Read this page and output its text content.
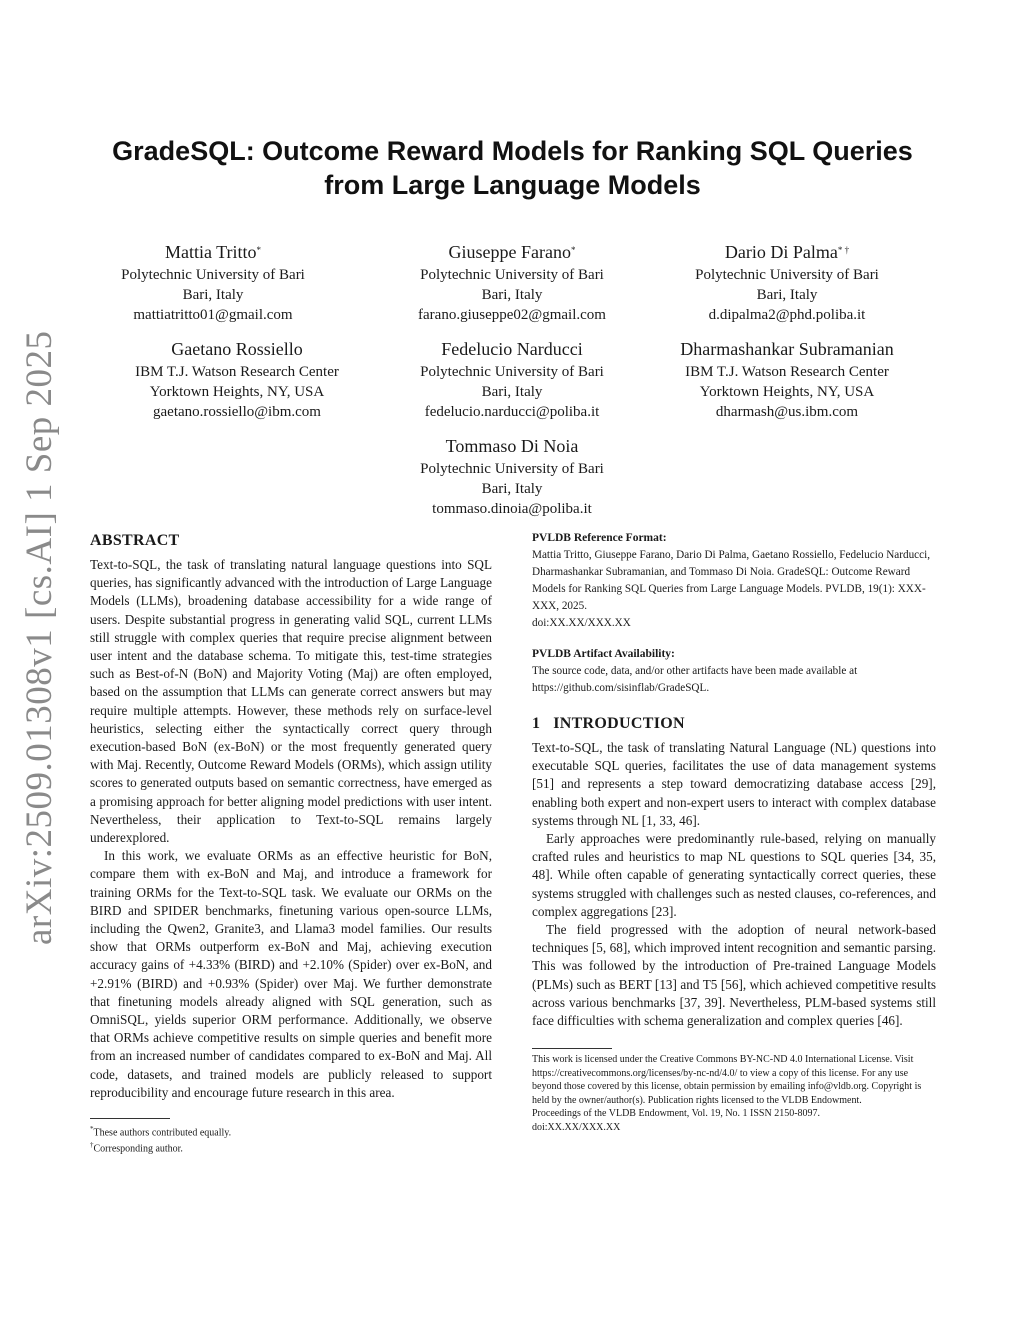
arXiv:2509.01308v1 [cs.AI] 1 Sep 2025
GradeSQL: Outcome Reward Models for Ranking SQL Queries
from Large Language Models
Mattia Tritto*
Polytechnic University of Bari
Bari, Italy
mattiatritto01@gmail.com
Giuseppe Farano*
Polytechnic University of Bari
Bari, Italy
farano.giuseppe02@gmail.com
Dario Di Palma* †
Polytechnic University of Bari
Bari, Italy
d.dipalma2@phd.poliba.it
Gaetano Rossiello
IBM T.J. Watson Research Center
Yorktown Heights, NY, USA
gaetano.rossiello@ibm.com
Fedelucio Narducci
Polytechnic University of Bari
Bari, Italy
fedelucio.narducci@poliba.it
Dharmashankar Subramanian
IBM T.J. Watson Research Center
Yorktown Heights, NY, USA
dharmash@us.ibm.com
Tommaso Di Noia
Polytechnic University of Bari
Bari, Italy
tommaso.dinoia@poliba.it
ABSTRACT

Text-to-SQL, the task of translating natural language questions into SQL queries, has significantly advanced with the introduction of Large Language Models (LLMs), broadening database accessibility for a wide range of users. Despite substantial progress in generating valid SQL, current LLMs still struggle with complex queries that require precise alignment between user intent and the database schema. To mitigate this, test-time strategies such as Best-of-N (BoN) and Majority Voting (Maj) are often employed, based on the assumption that LLMs can generate correct answers but may require multiple attempts. However, these methods rely on surface-level heuristics, selecting either the syntactically correct query through execution-based BoN (ex-BoN) or the most frequently generated query with Maj. Recently, Outcome Reward Models (ORMs), which assign utility scores to generated outputs based on semantic correctness, have emerged as a promising approach for better aligning model predictions with user intent. Nevertheless, their application to Text-to-SQL remains largely underexplored.

In this work, we evaluate ORMs as an effective heuristic for BoN, compare them with ex-BoN and Maj, and introduce a framework for training ORMs for the Text-to-SQL task. We evaluate our ORMs on the BIRD and SPIDER benchmarks, finetuning various open-source LLMs, including the Qwen2, Granite3, and Llama3 model families. Our results show that ORMs outperform ex-BoN and Maj, achieving execution accuracy gains of +4.33% (BIRD) and +2.10% (Spider) over ex-BoN, and +2.91% (BIRD) and +0.93% (Spider) over Maj. We further demonstrate that finetuning models already aligned with SQL generation, such as OmniSQL, yields superior ORM performance. Additionally, we observe that ORMs achieve competitive results on simple queries and benefit more from an increased number of candidates compared to ex-BoN and Maj. All code, datasets, and trained models are publicly released to support reproducibility and encourage future research in this area.

*These authors contributed equally.

†Corresponding author.

PVLDB Reference Format:

Mattia Tritto, Giuseppe Farano, Dario Di Palma, Gaetano Rossiello, Fedelucio Narducci, Dharmashankar Subramanian, and Tommaso Di Noia. GradeSQL: Outcome Reward Models for Ranking SQL Queries from Large Language Models. PVLDB, 19(1): XXX-XXX, 2025.

doi:XX.XX/XXX.XX

PVLDB Artifact Availability:

The source code, data, and/or other artifacts have been made available at https://github.com/sisinflab/GradeSQL.

1   INTRODUCTION

Text-to-SQL, the task of translating Natural Language (NL) questions into executable SQL queries, facilitates the use of data management systems [51] and represents a step toward democratizing database access [29], enabling both expert and non-expert users to interact with complex database systems through NL [1, 33, 46].

Early approaches were predominantly rule-based, relying on manually crafted rules and heuristics to map NL questions to SQL queries [34, 35, 48]. While often capable of generating syntactically correct queries, these systems struggled with challenges such as nested clauses, co-references, and complex aggregations [23].

The field progressed with the adoption of neural network-based techniques [5, 68], which improved intent recognition and semantic parsing. This was followed by the introduction of Pre-trained Language Models (PLMs) such as BERT [13] and T5 [56], which achieved competitive results across various benchmarks [37, 39]. Nevertheless, PLM-based systems still face difficulties with schema generalization and complex queries [46].

This work is licensed under the Creative Commons BY-NC-ND 4.0 International License. Visit https://creativecommons.org/licenses/by-nc-nd/4.0/ to view a copy of this license. For any use beyond those covered by this license, obtain permission by emailing info@vldb.org. Copyright is held by the owner/author(s). Publication rights licensed to the VLDB Endowment.

Proceedings of the VLDB Endowment, Vol. 19, No. 1 ISSN 2150-8097.

doi:XX.XX/XXX.XX
